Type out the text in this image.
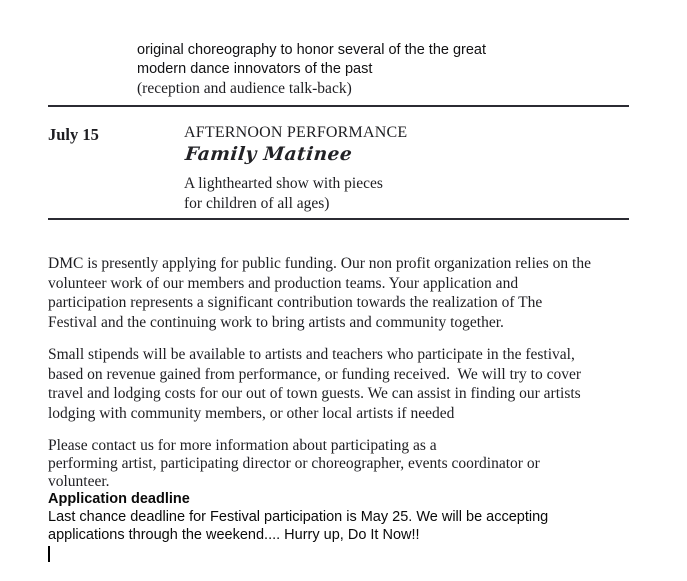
original choreography to honor several of the the great
modern dance innovators of the past
(reception and audience talk-back)
July 15	AFTERNOON PERFORMANCE
Family Matinee
A lighthearted show with pieces
for children of all ages)
DMC is presently applying for public funding. Our non profit organization relies on the
volunteer work of our members and production teams. Your application and
participation represents a significant contribution towards the realization of The
Festival and the continuing work to bring artists and community together.
Small stipends will be available to artists and teachers who participate in the festival,
based on revenue gained from performance, or funding received.  We will try to cover
travel and lodging costs for our out of town guests. We can assist in finding our artists
lodging with community members, or other local artists if needed
Please contact us for more information about participating as a
performing artist, participating director or choreographer, events coordinator or
volunteer.
Application deadline
Last chance deadline for Festival participation is May 25. We will be accepting
applications through the weekend.... Hurry up, Do It Now!!
